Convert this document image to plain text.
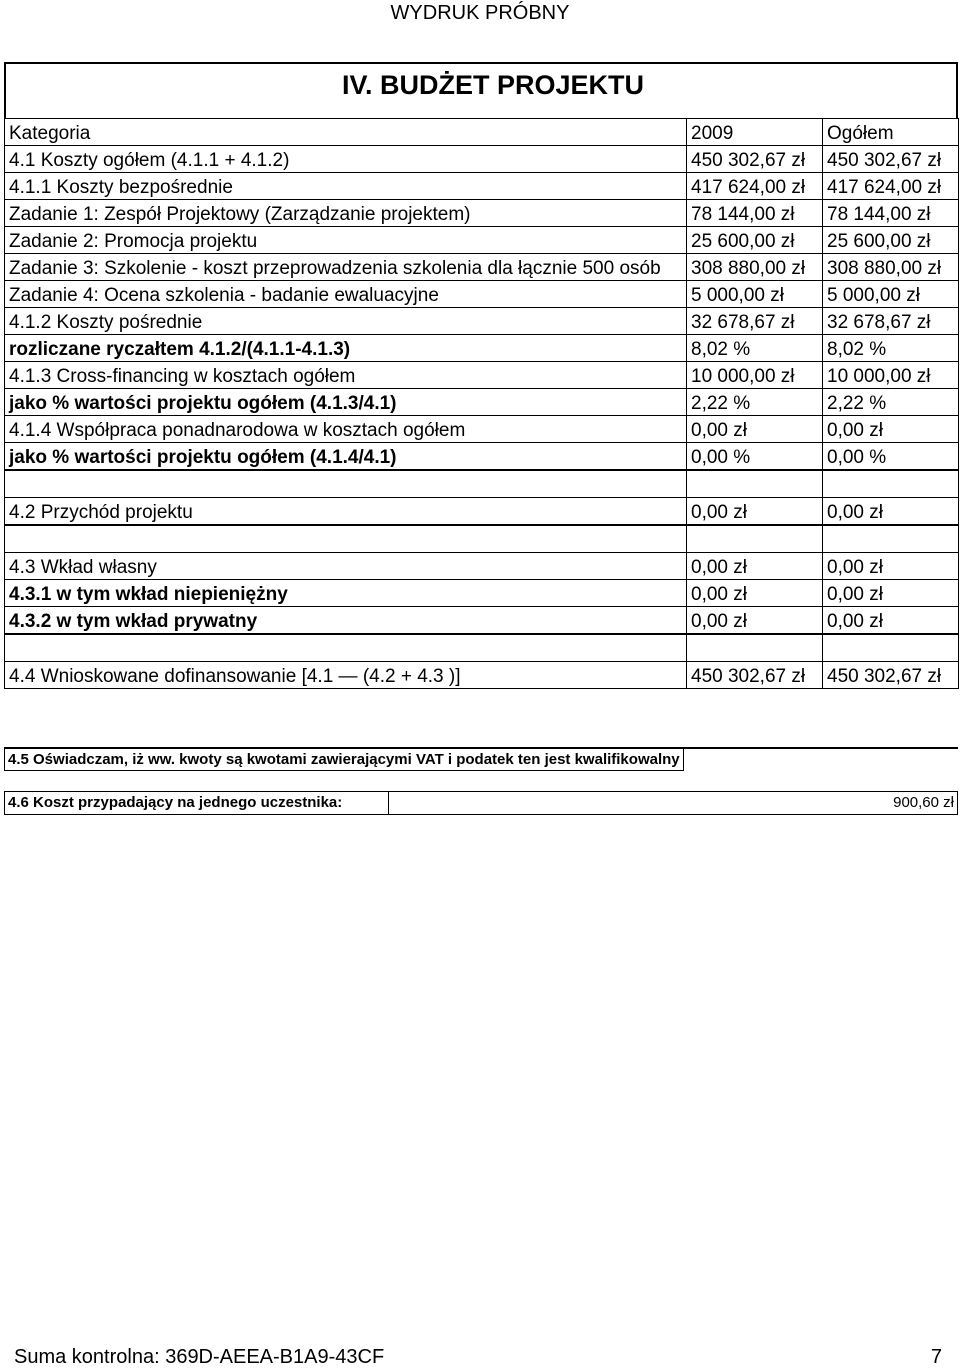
WYDRUK PRÓBNY
IV. BUDŻET PROJEKTU
Kategoria	2009	Ogółem
4.1 Koszty ogółem (4.1.1 + 4.1.2)	450 302,67 zł	450 302,67 zł
4.1.1 Koszty bezpośrednie	417 624,00 zł	417 624,00 zł
Zadanie 1: Zespół Projektowy (Zarządzanie projektem)	78 144,00 zł	78 144,00 zł
Zadanie 2: Promocja projektu	25 600,00 zł	25 600,00 zł
Zadanie 3: Szkolenie - koszt przeprowadzenia szkolenia dla łącznie 500 osób	308 880,00 zł	308 880,00 zł
Zadanie 4: Ocena szkolenia - badanie ewaluacyjne	5 000,00 zł	5 000,00 zł
4.1.2 Koszty pośrednie	32 678,67 zł	32 678,67 zł
rozliczane ryczałtem 4.1.2/(4.1.1-4.1.3)	8,02 %	8,02 %
4.1.3 Cross-financing w kosztach ogółem	10 000,00 zł	10 000,00 zł
jako % wartości projektu ogółem (4.1.3/4.1)	2,22 %	2,22 %
4.1.4 Współpraca ponadnarodowa w kosztach ogółem	0,00 zł	0,00 zł
jako % wartości projektu ogółem (4.1.4/4.1)	0,00 %	0,00 %

4.2 Przychód projektu	0,00 zł	0,00 zł

4.3 Wkład własny	0,00 zł	0,00 zł
4.3.1 w tym wkład niepieniężny	0,00 zł	0,00 zł
4.3.2 w tym wkład prywatny	0,00 zł	0,00 zł

4.4 Wnioskowane dofinansowanie [4.1 — (4.2 + 4.3 )]	450 302,67 zł	450 302,67 zł
4.5 Oświadczam, iż ww. kwoty są kwotami zawierającymi VAT i podatek ten jest kwalifikowalny
4.6 Koszt przypadający na jednego uczestnika:	900,60 zł
Suma kontrolna: 369D-AEEA-B1A9-43CF	7
